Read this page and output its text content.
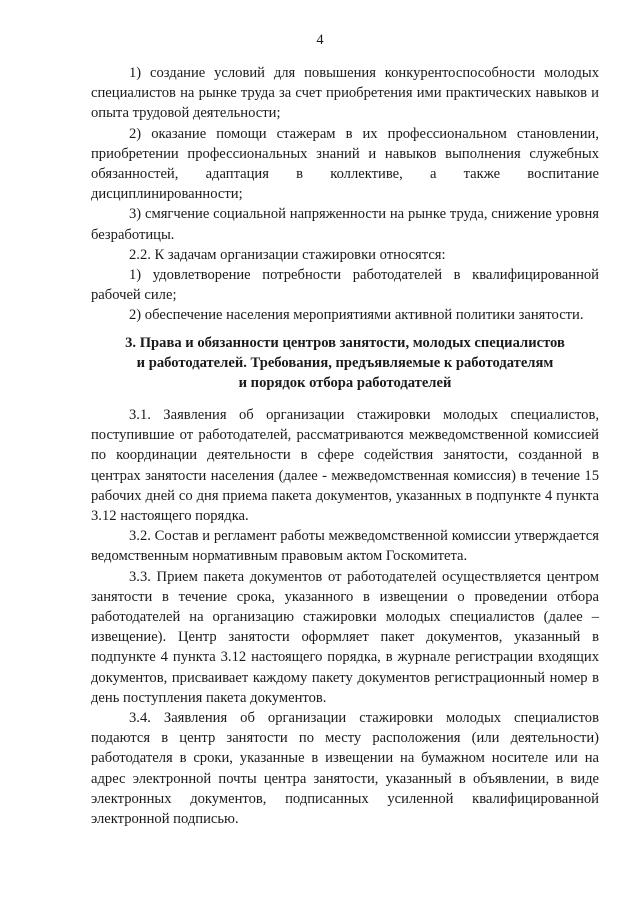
4

1) создание условий для повышения конкурентоспособности молодых специалистов на рынке труда за счет приобретения ими практических навыков и опыта трудовой деятельности;

2) оказание помощи стажерам в их профессиональном становлении, приобретении профессиональных знаний и навыков выполнения служебных обязанностей, адаптация в коллективе, а также воспитание дисциплинированности;

3) смягчение социальной напряженности на рынке труда, снижение уровня безработицы.

2.2. К задачам организации стажировки относятся:

1) удовлетворение потребности работодателей в квалифицированной рабочей силе;

2) обеспечение населения мероприятиями активной политики занятости.

3. Права и обязанности центров занятости, молодых специалистов
и работодателей. Требования, предъявляемые к работодателям
и порядок отбора работодателей

3.1. Заявления об организации стажировки молодых специалистов, поступившие от работодателей, рассматриваются межведомственной комиссией по координации деятельности в сфере содействия занятости, созданной в центрах занятости населения (далее - межведомственная комиссия) в течение 15 рабочих дней со дня приема пакета документов, указанных в подпункте 4 пункта 3.12 настоящего порядка.

3.2. Состав и регламент работы межведомственной комиссии утверждается ведомственным нормативным правовым актом Госкомитета.

3.3. Прием пакета документов от работодателей осуществляется центром занятости в течение срока, указанного в извещении о проведении отбора работодателей на организацию стажировки молодых специалистов (далее – извещение). Центр занятости оформляет пакет документов, указанный в подпункте 4 пункта 3.12 настоящего порядка, в журнале регистрации входящих документов, присваивает каждому пакету документов регистрационный номер в день поступления пакета документов.

3.4. Заявления об организации стажировки молодых специалистов подаются в центр занятости по месту расположения (или деятельности) работодателя в сроки, указанные в извещении на бумажном носителе или на адрес электронной почты центра занятости, указанный в объявлении, в виде электронных документов, подписанных усиленной квалифицированной электронной подписью.
